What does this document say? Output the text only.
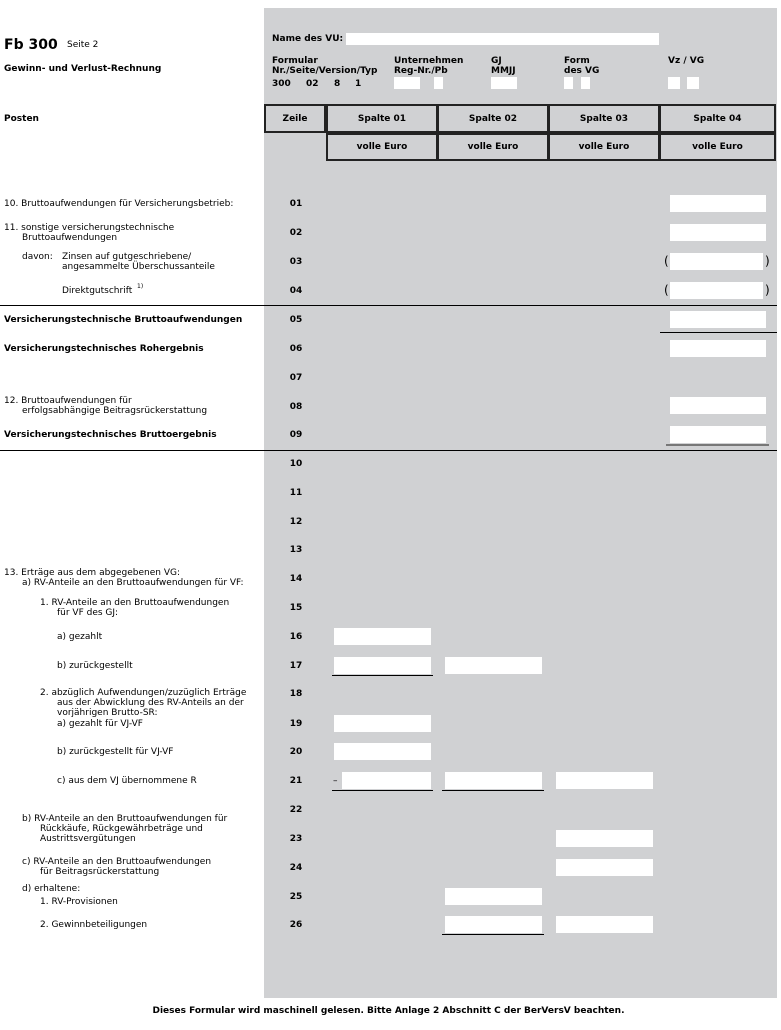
Fb 300 Seite 2
Gewinn- und Verlust-Rechnung
Name des VU:
Formular
Nr./Seite/Version/Typ
300 02 8 1
Unternehmen
Reg-Nr./Pb
GJ
MMJJ
Form
des VG
Vz / VG
Posten	Zeile	Spalte 01	Spalte 02	Spalte 03	Spalte 04
volle Euro	volle Euro	volle Euro	volle Euro
10. Bruttoaufwendungen für Versicherungsbetrieb:	01
11. sonstige versicherungstechnische
Bruttoaufwendungen	02
davon: Zinsen auf gutgeschriebene/
angesammelte Überschussanteile	03	(	)
Direktgutschrift 1)	04	(	)
Versicherungstechnische Bruttoaufwendungen	05
Versicherungstechnisches Rohergebnis	06
07
12. Bruttoaufwendungen für
erfolgsabhängige Beitragsrückerstattung	08
Versicherungstechnisches Bruttoergebnis	09
10
11
12
13
13. Erträge aus dem abgegebenen VG:
a) RV-Anteile an den Bruttoaufwendungen für VF:	14
1. RV-Anteile an den Bruttoaufwendungen
für VF des GJ:	15
a) gezahlt	16
b) zurückgestellt	17
2. abzüglich Aufwendungen/zuzüglich Erträge
aus der Abwicklung des RV-Anteils an der
vorjährigen Brutto-SR:
18
a) gezahlt für VJ-VF	19
b) zurückgestellt für VJ-VF	20
c) aus dem VJ übernommene R	21	–
b) RV-Anteile an den Bruttoaufwendungen für
Rückkäufe, Rückgewährbeträge und
Austrittsvergütungen
22
23
c) RV-Anteile an den Bruttoaufwendungen
für Beitragsrückerstattung	24
d) erhaltene:
1. RV-Provisionen	25
2. Gewinnbeteiligungen	26
Dieses Formular wird maschinell gelesen. Bitte Anlage 2 Abschnitt C der BerVersV beachten.
